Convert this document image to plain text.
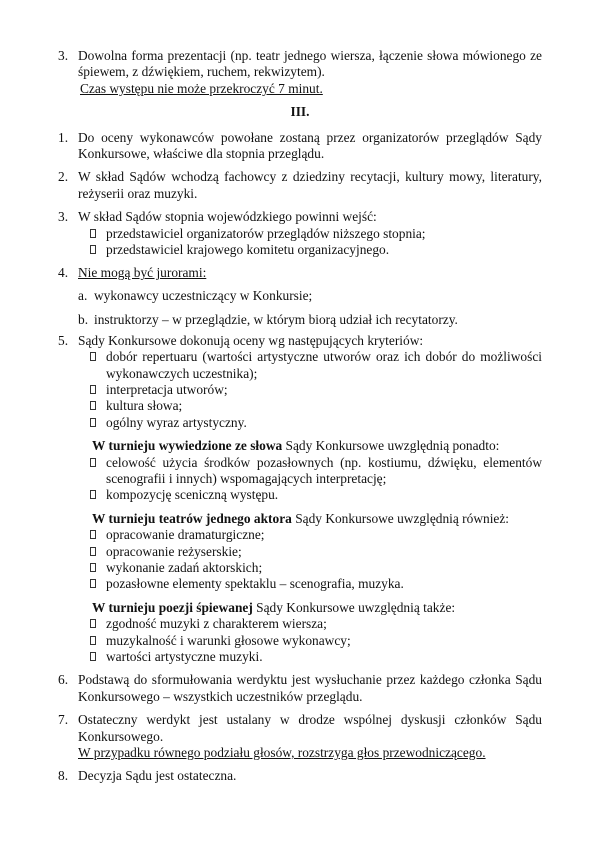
3. Dowolna forma prezentacji (np. teatr jednego wiersza, łączenie słowa mówionego ze śpiewem, z dźwiękiem, ruchem, rekwizytem).
Czas występu nie może przekroczyć 7 minut.
III.
1. Do oceny wykonawców powołane zostaną przez organizatorów przeglądów Sądy Konkursowe, właściwe dla stopnia przeglądu.
2. W skład Sądów wchodzą fachowcy z dziedziny recytacji, kultury mowy, literatury, reżyserii oraz muzyki.
3. W skład Sądów stopnia wojewódzkiego powinni wejść:
przedstawiciel organizatorów przeglądów niższego stopnia;
przedstawiciel krajowego komitetu organizacyjnego.
4. Nie mogą być jurorami:
a. wykonawcy uczestniczący w Konkursie;
b. instruktorzy – w przeglądzie, w którym biorą udział ich recytatorzy.
5. Sądy Konkursowe dokonują oceny wg następujących kryteriów:
dobór repertuaru (wartości artystyczne utworów oraz ich dobór do możliwości wykonawczych uczestnika);
interpretacja utworów;
kultura słowa;
ogólny wyraz artystyczny.
W turnieju wywiedzione ze słowa Sądy Konkursowe uwzględnią ponadto:
celowość użycia środków pozasłownych (np. kostiumu, dźwięku, elementów scenografii i innych) wspomagających interpretację;
kompozycję sceniczną występu.
W turnieju teatrów jednego aktora Sądy Konkursowe uwzględnią również:
opracowanie dramaturgiczne;
opracowanie reżyserskie;
wykonanie zadań aktorskich;
pozasłowne elementy spektaklu – scenografia, muzyka.
W turnieju poezji śpiewanej Sądy Konkursowe uwzględnią także:
zgodność muzyki z charakterem wiersza;
muzykalność i warunki głosowe wykonawcy;
wartości artystyczne muzyki.
6. Podstawą do sformułowania werdyktu jest wysłuchanie przez każdego członka Sądu Konkursowego – wszystkich uczestników przeglądu.
7. Ostateczny werdykt jest ustalany w drodze wspólnej dyskusji członków Sądu Konkursowego.
W przypadku równego podziału głosów, rozstrzyga głos przewodniczącego.
8. Decyzja Sądu jest ostateczna.
